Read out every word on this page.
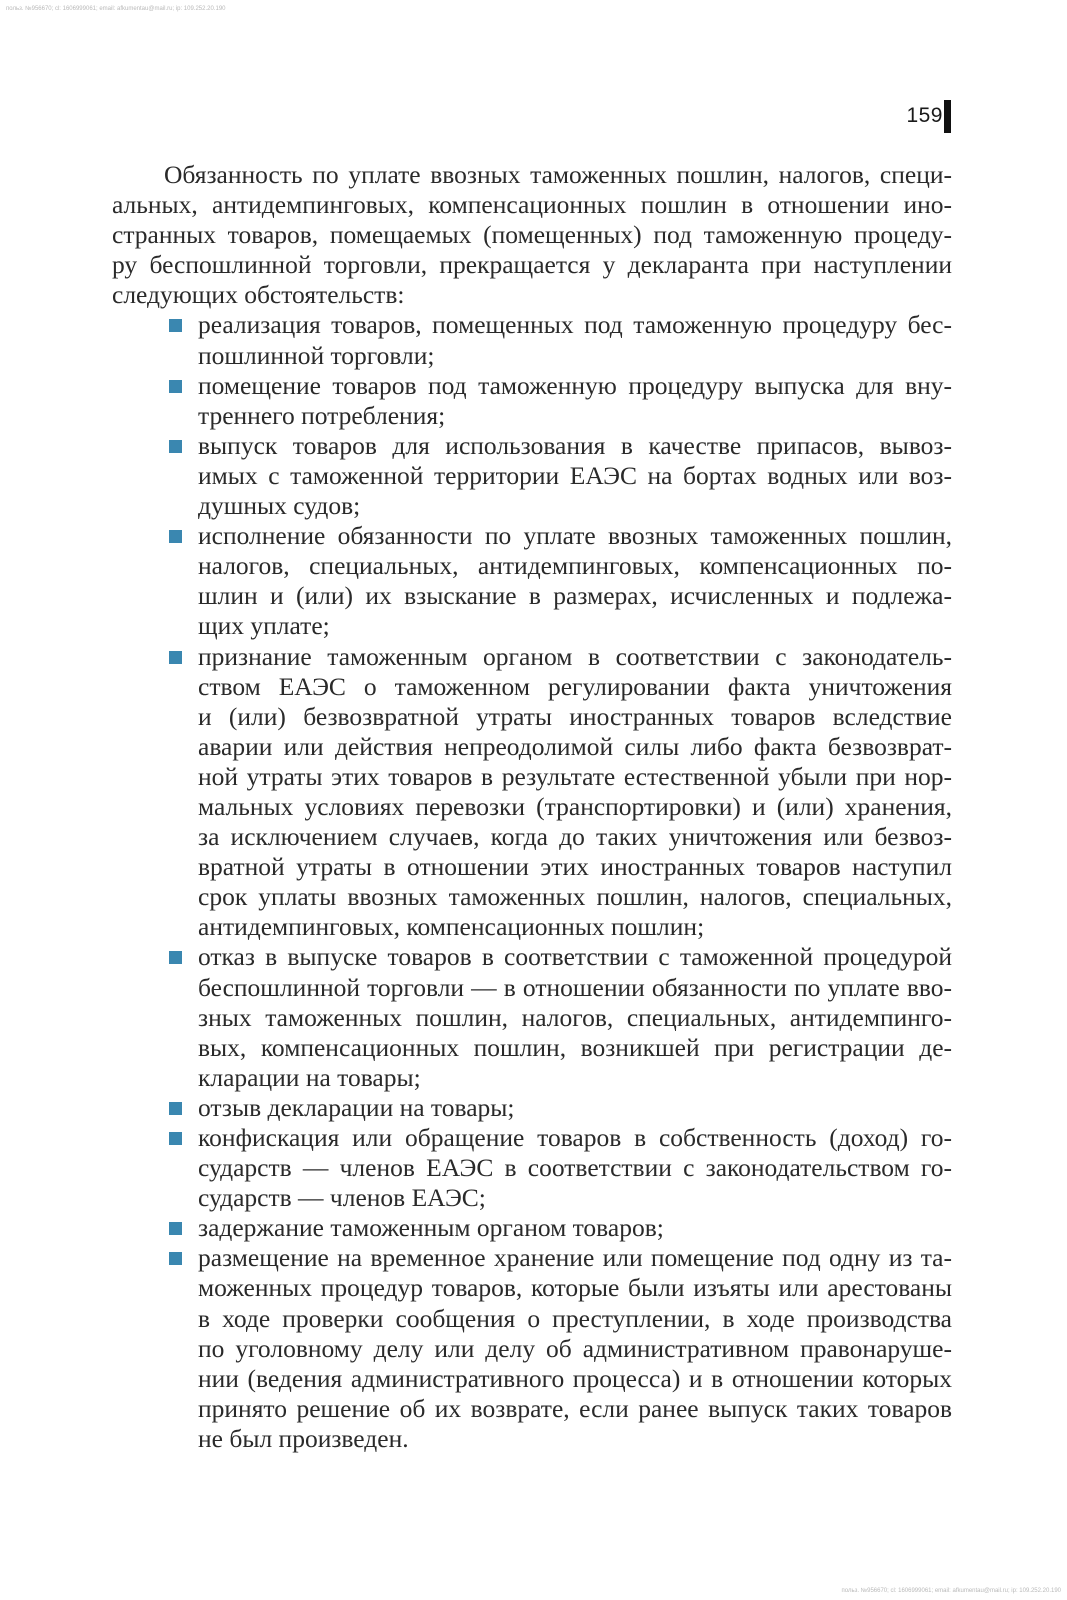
польз. №956670; cl: 1606999061; email: afkumentau@mail.ru; ip: 109.252.20.190
польз. №956670; cl: 1606999061; email: afkumentau@mail.ru; ip: 109.252.20.190
159
Обязанность по уплате ввозных таможенных пошлин, налогов, специ-
альных, антидемпинговых, компенсационных пошлин в отношении ино-
странных товаров, помещаемых (помещенных) под таможенную процеду-
ру беспошлинной торговли, прекращается у декларанта при наступлении
следующих обстоятельств:
реализация товаров, помещенных под таможенную процедуру бес-
пошлинной торговли;
помещение товаров под таможенную процедуру выпуска для вну-
треннего потребления;
выпуск товаров для использования в качестве припасов, вывоз-
имых с таможенной территории ЕАЭС на бортах водных или воз-
душных судов;
исполнение обязанности по уплате ввозных таможенных пошлин,
налогов, специальных, антидемпинговых, компенсационных по-
шлин и (или) их взыскание в размерах, исчисленных и подлежа-
щих уплате;
признание таможенным органом в соответствии с законодатель-
ством ЕАЭС о таможенном регулировании факта уничтожения
и (или) безвозвратной утраты иностранных товаров вследствие
аварии или действия непреодолимой силы либо факта безвозврат-
ной утраты этих товаров в результате естественной убыли при нор-
мальных условиях перевозки (транспортировки) и (или) хранения,
за исключением случаев, когда до таких уничтожения или безвоз-
вратной утраты в отношении этих иностранных товаров наступил
срок уплаты ввозных таможенных пошлин, налогов, специальных,
антидемпинговых, компенсационных пошлин;
отказ в выпуске товаров в соответствии с таможенной процедурой
беспошлинной торговли — в отношении обязанности по уплате вво-
зных таможенных пошлин, налогов, специальных, антидемпинго-
вых, компенсационных пошлин, возникшей при регистрации де-
кларации на товары;
отзыв декларации на товары;
конфискация или обращение товаров в собственность (доход) го-
сударств — членов ЕАЭС в соответствии с законодательством го-
сударств — членов ЕАЭС;
задержание таможенным органом товаров;
размещение на временное хранение или помещение под одну из та-
моженных процедур товаров, которые были изъяты или арестованы
в ходе проверки сообщения о преступлении, в ходе производства
по уголовному делу или делу об административном правонаруше-
нии (ведения административного процесса) и в отношении которых
принято решение об их возврате, если ранее выпуск таких товаров
не был произведен.
